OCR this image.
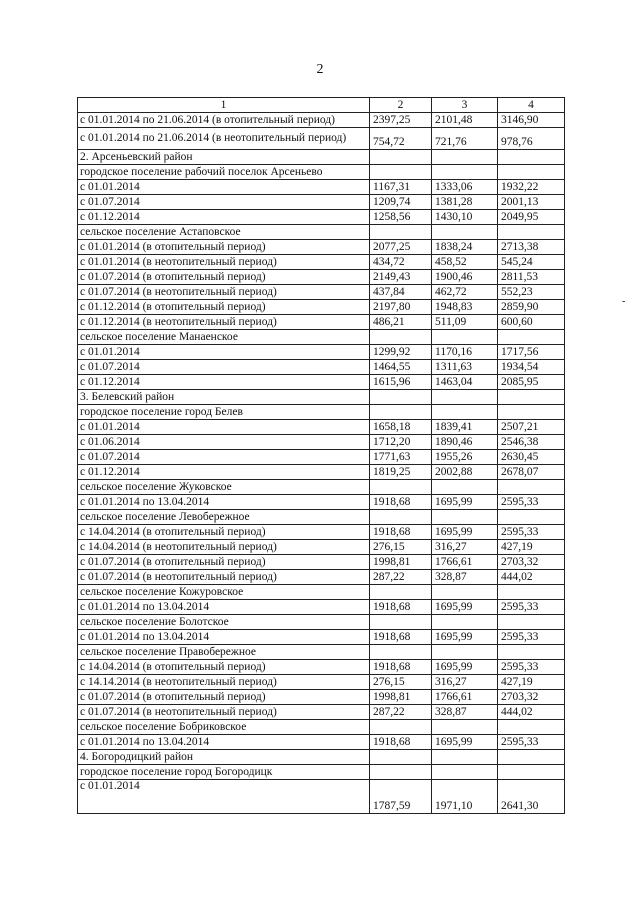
2
-
1	2	3	4
с 01.01.2014 по 21.06.2014 (в отопительный период)	2397,25	2101,48	3146,90
с 01.01.2014 по 21.06.2014 (в неотопительный период)	754,72	721,76	978,76
2. Арсеньевский район			
городское поселение рабочий поселок Арсеньево			
с 01.01.2014	1167,31	1333,06	1932,22
с 01.07.2014	1209,74	1381,28	2001,13
с 01.12.2014	1258,56	1430,10	2049,95
сельское поселение Астаповское			
с 01.01.2014 (в отопительный период)	2077,25	1838,24	2713,38
с 01.01.2014 (в неотопительный период)	434,72	458,52	545,24
с 01.07.2014 (в отопительный период)	2149,43	1900,46	2811,53
с 01.07.2014 (в неотопительный период)	437,84	462,72	552,23
с 01.12.2014 (в отопительный период)	2197,80	1948,83	2859,90
с 01.12.2014 (в неотопительный период)	486,21	511,09	600,60
сельское поселение Манаенское			
с 01.01.2014	1299,92	1170,16	1717,56
с 01.07.2014	1464,55	1311,63	1934,54
с 01.12.2014	1615,96	1463,04	2085,95
3. Белевский район			
городское поселение город Белев			
с 01.01.2014	1658,18	1839,41	2507,21
с 01.06.2014	1712,20	1890,46	2546,38
с 01.07.2014	1771,63	1955,26	2630,45
с 01.12.2014	1819,25	2002,88	2678,07
сельское поселение Жуковское			
с 01.01.2014 по 13.04.2014	1918,68	1695,99	2595,33
сельское поселение Левобережное			
с 14.04.2014 (в отопительный период)	1918,68	1695,99	2595,33
с 14.04.2014 (в неотопительный период)	276,15	316,27	427,19
с 01.07.2014 (в отопительный период)	1998,81	1766,61	2703,32
с 01.07.2014 (в неотопительный период)	287,22	328,87	444,02
сельское поселение Кожуровское			
с 01.01.2014 по 13.04.2014	1918,68	1695,99	2595,33
сельское поселение Болотское			
с 01.01.2014 по 13.04.2014	1918,68	1695,99	2595,33
сельское поселение Правобережное			
с 14.04.2014 (в отопительный период)	1918,68	1695,99	2595,33
с 14.14.2014 (в неотопительный период)	276,15	316,27	427,19
с 01.07.2014 (в отопительный период)	1998,81	1766,61	2703,32
с 01.07.2014 (в неотопительный период)	287,22	328,87	444,02
сельское поселение Бобриковское			
с 01.01.2014 по 13.04.2014	1918,68	1695,99	2595,33
4. Богородицкий район			
городское поселение город Богородицк			
с 01.01.2014	1787,59	1971,10	2641,30
